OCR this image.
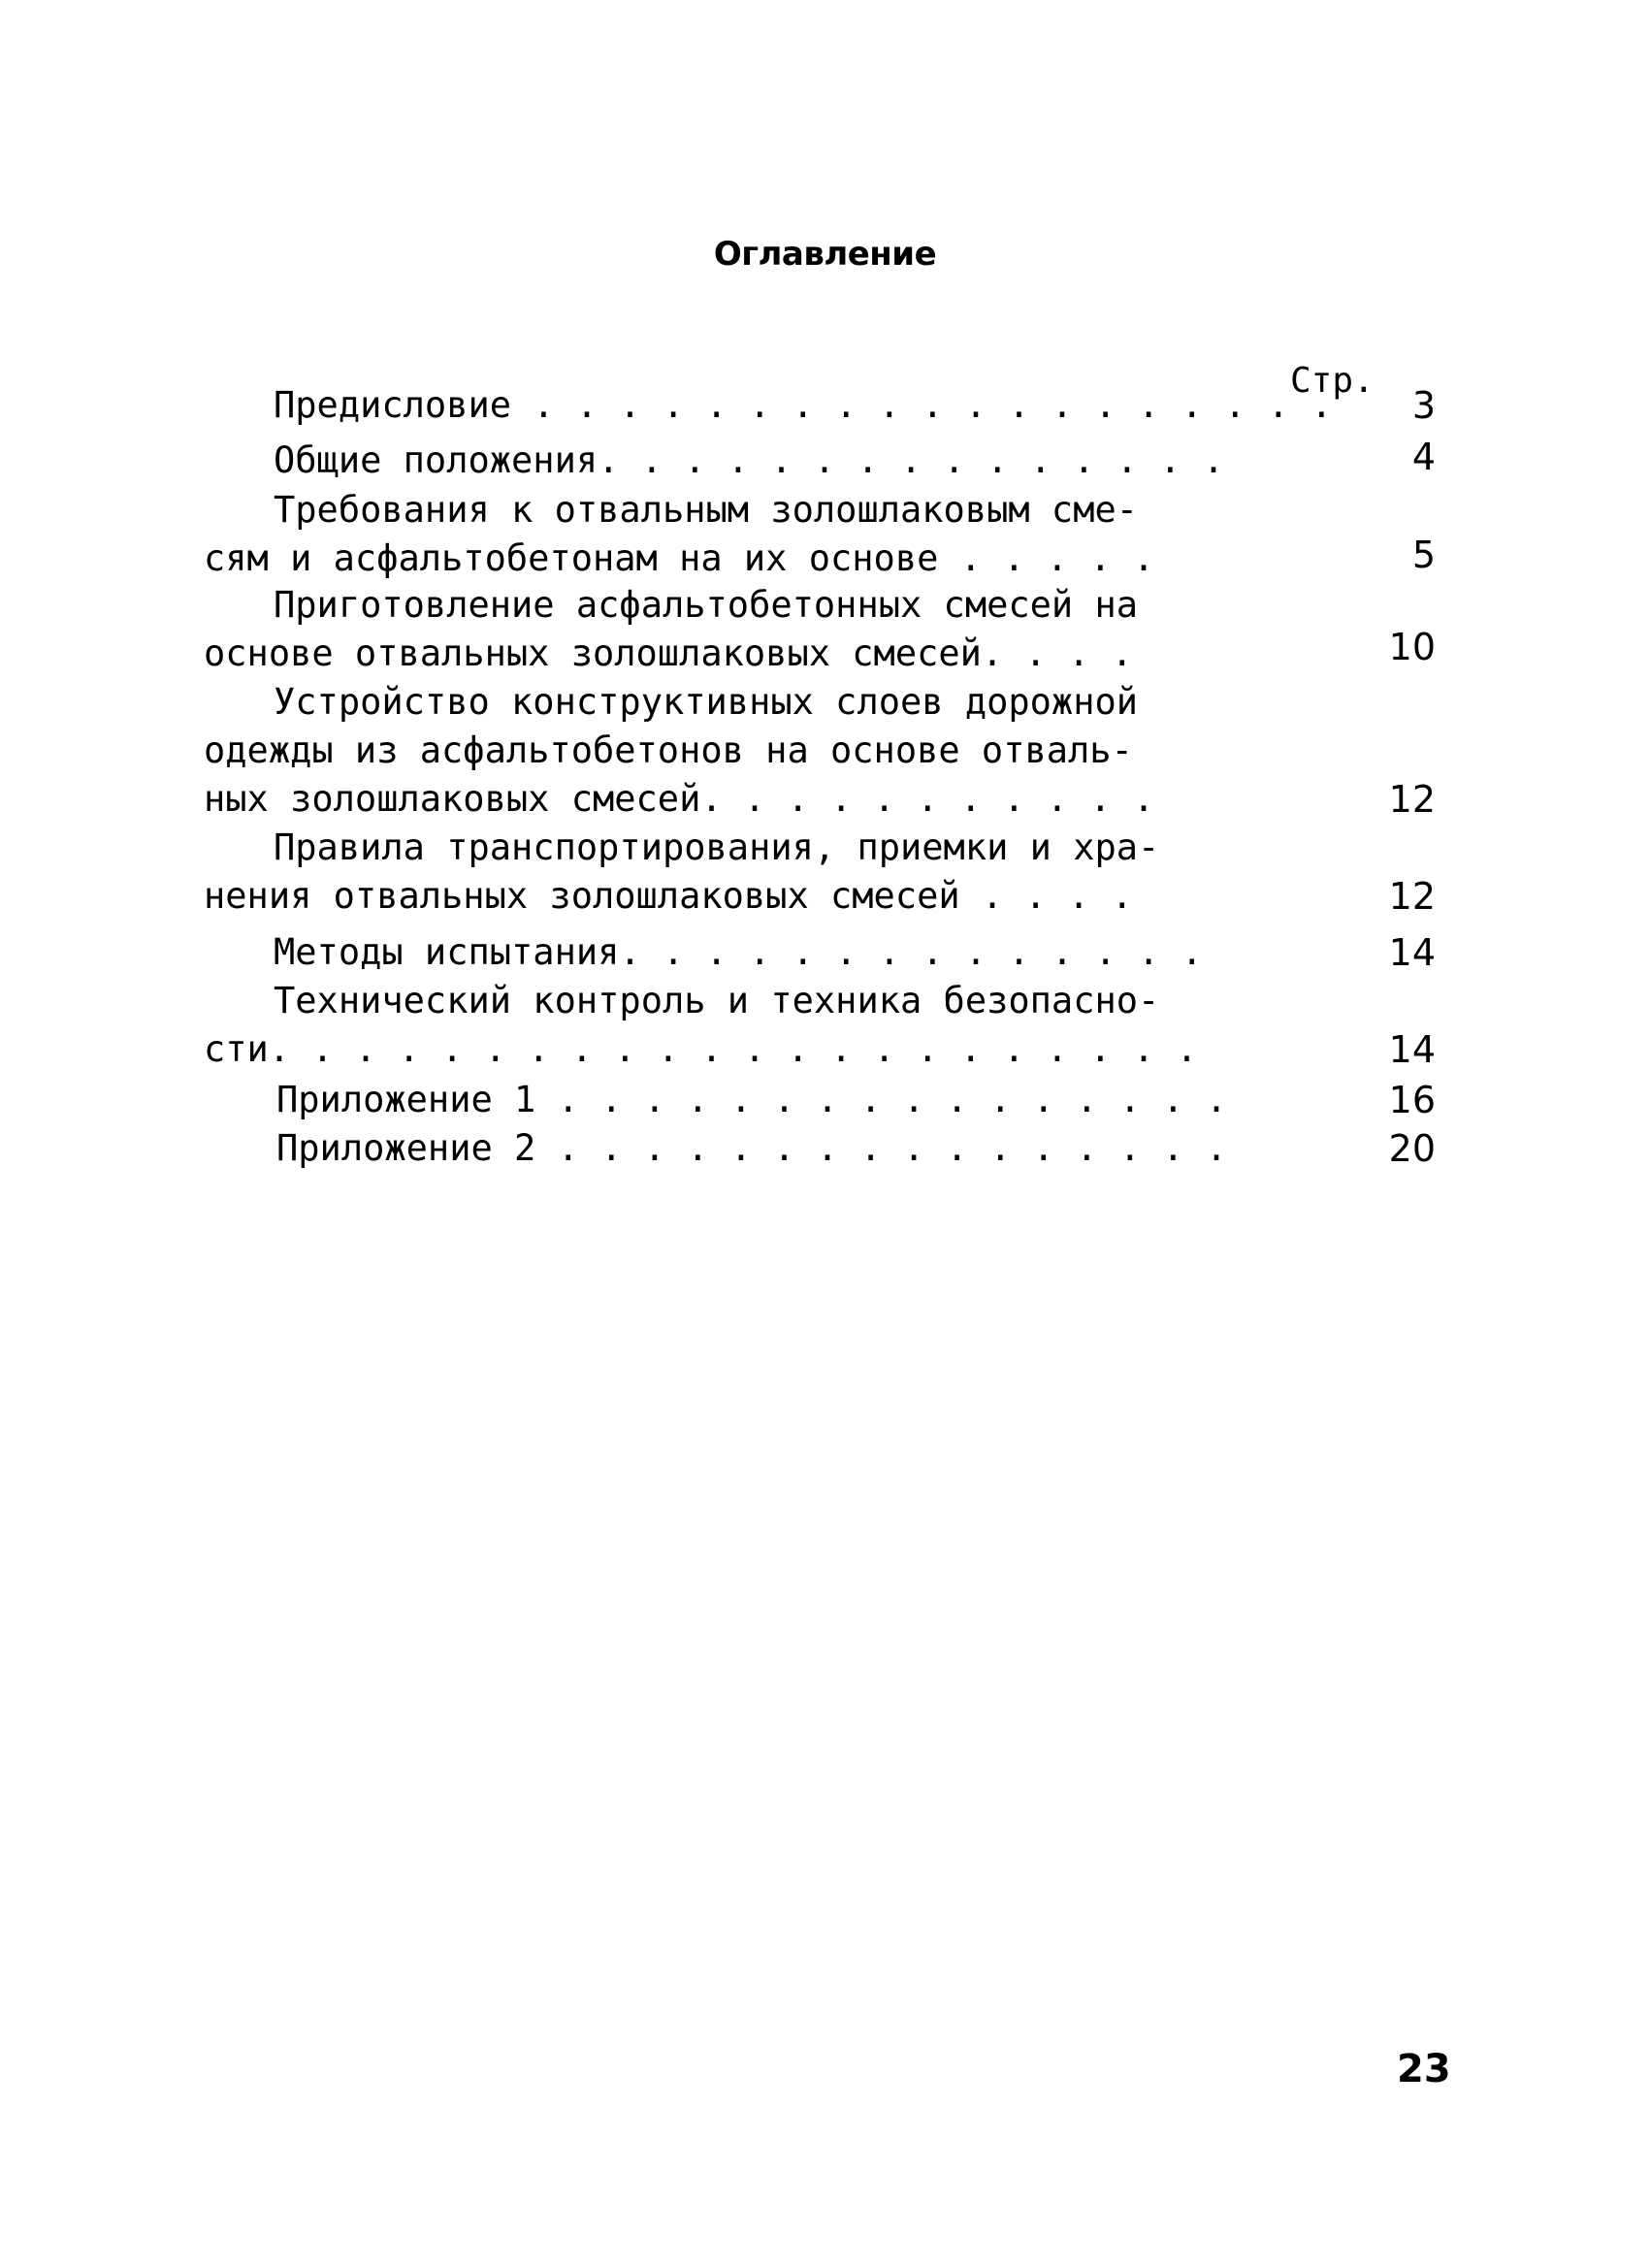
Оглавление
Стр.
Предисловие . . . . . . . . . . . . . . . . . . .	3
Общие положения. . . . . . . . . . . . . . .	4
Требования к отвальным золошлаковым сме-
сям и асфальтобетонам на их основе . . . . .	5
Приготовление асфальтобетонных смесей на
основе отвальных золошлаковых смесей. . . .	10
Устройство конструктивных слоев дорожной
одежды из асфальтобетонов на основе отваль-
ных золошлаковых смесей. . . . . . . . . . .	12
Правила транспортирования, приемки и хра-
нения отвальных золошлаковых смесей . . . .	12
Методы испытания. . . . . . . . . . . . . .	14
Технический контроль и техника безопасно-
сти. . . . . . . . . . . . . . . . . . . . . .	14
Приложение 1 . . . . . . . . . . . . . . . .	16
Приложение 2 . . . . . . . . . . . . . . . .	20
23
